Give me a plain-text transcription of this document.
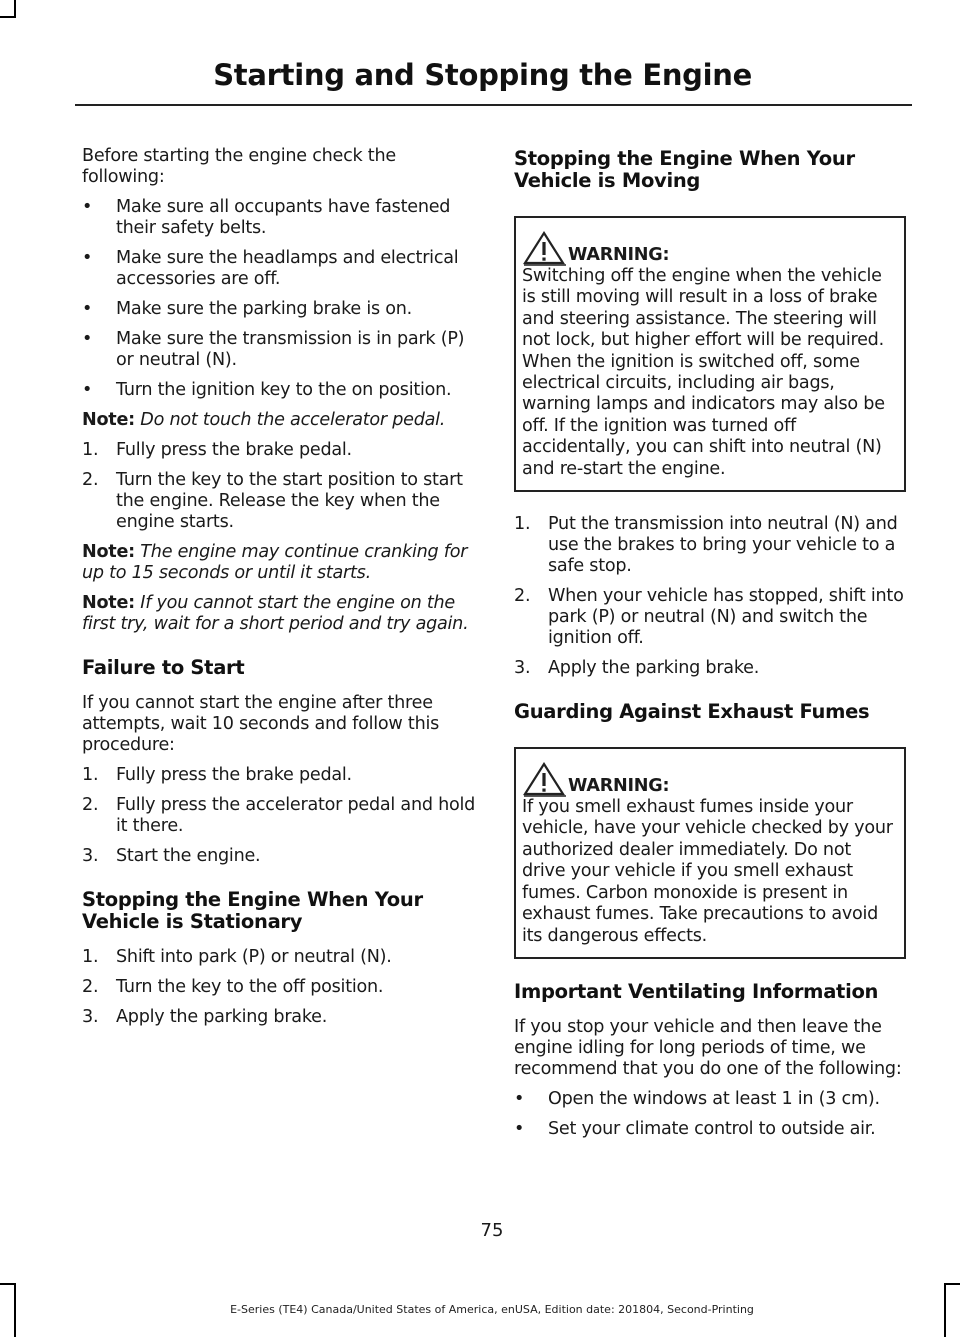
Starting and Stopping the Engine

Before starting the engine check the following:

• Make sure all occupants have fastened their safety belts.
• Make sure the headlamps and electrical accessories are off.
• Make sure the parking brake is on.
• Make sure the transmission is in park (P) or neutral (N).
• Turn the ignition key to the on position.

Note: Do not touch the accelerator pedal.

1. Fully press the brake pedal.
2. Turn the key to the start position to start the engine. Release the key when the engine starts.

Note: The engine may continue cranking for up to 15 seconds or until it starts.

Note: If you cannot start the engine on the first try, wait for a short period and try again.

Failure to Start

If you cannot start the engine after three attempts, wait 10 seconds and follow this procedure:

1. Fully press the brake pedal.
2. Fully press the accelerator pedal and hold it there.
3. Start the engine.
Stopping the Engine When Your Vehicle is Stationary
1. Shift into park (P) or neutral (N).
2. Turn the key to the off position.
3. Apply the parking brake.
Stopping the Engine When Your Vehicle is Moving
WARNING:
Switching off the engine when the vehicle is still moving will result in a loss of brake and steering assistance. The steering will not lock, but higher effort will be required. When the ignition is switched off, some electrical circuits, including air bags, warning lamps and indicators may also be off. If the ignition was turned off accidentally, you can shift into neutral (N) and re-start the engine.
1. Put the transmission into neutral (N) and use the brakes to bring your vehicle to a safe stop.
2. When your vehicle has stopped, shift into park (P) or neutral (N) and switch the ignition off.
3. Apply the parking brake.
Guarding Against Exhaust Fumes
WARNING:
If you smell exhaust fumes inside your vehicle, have your vehicle checked by your authorized dealer immediately. Do not drive your vehicle if you smell exhaust fumes. Carbon monoxide is present in exhaust fumes. Take precautions to avoid its dangerous effects.
Important Ventilating Information

If you stop your vehicle and then leave the engine idling for long periods of time, we recommend that you do one of the following:

• Open the windows at least 1 in (3 cm).
• Set your climate control to outside air.
75
E-Series (TE4) Canada/United States of America, enUSA, Edition date: 201804, Second-Printing
